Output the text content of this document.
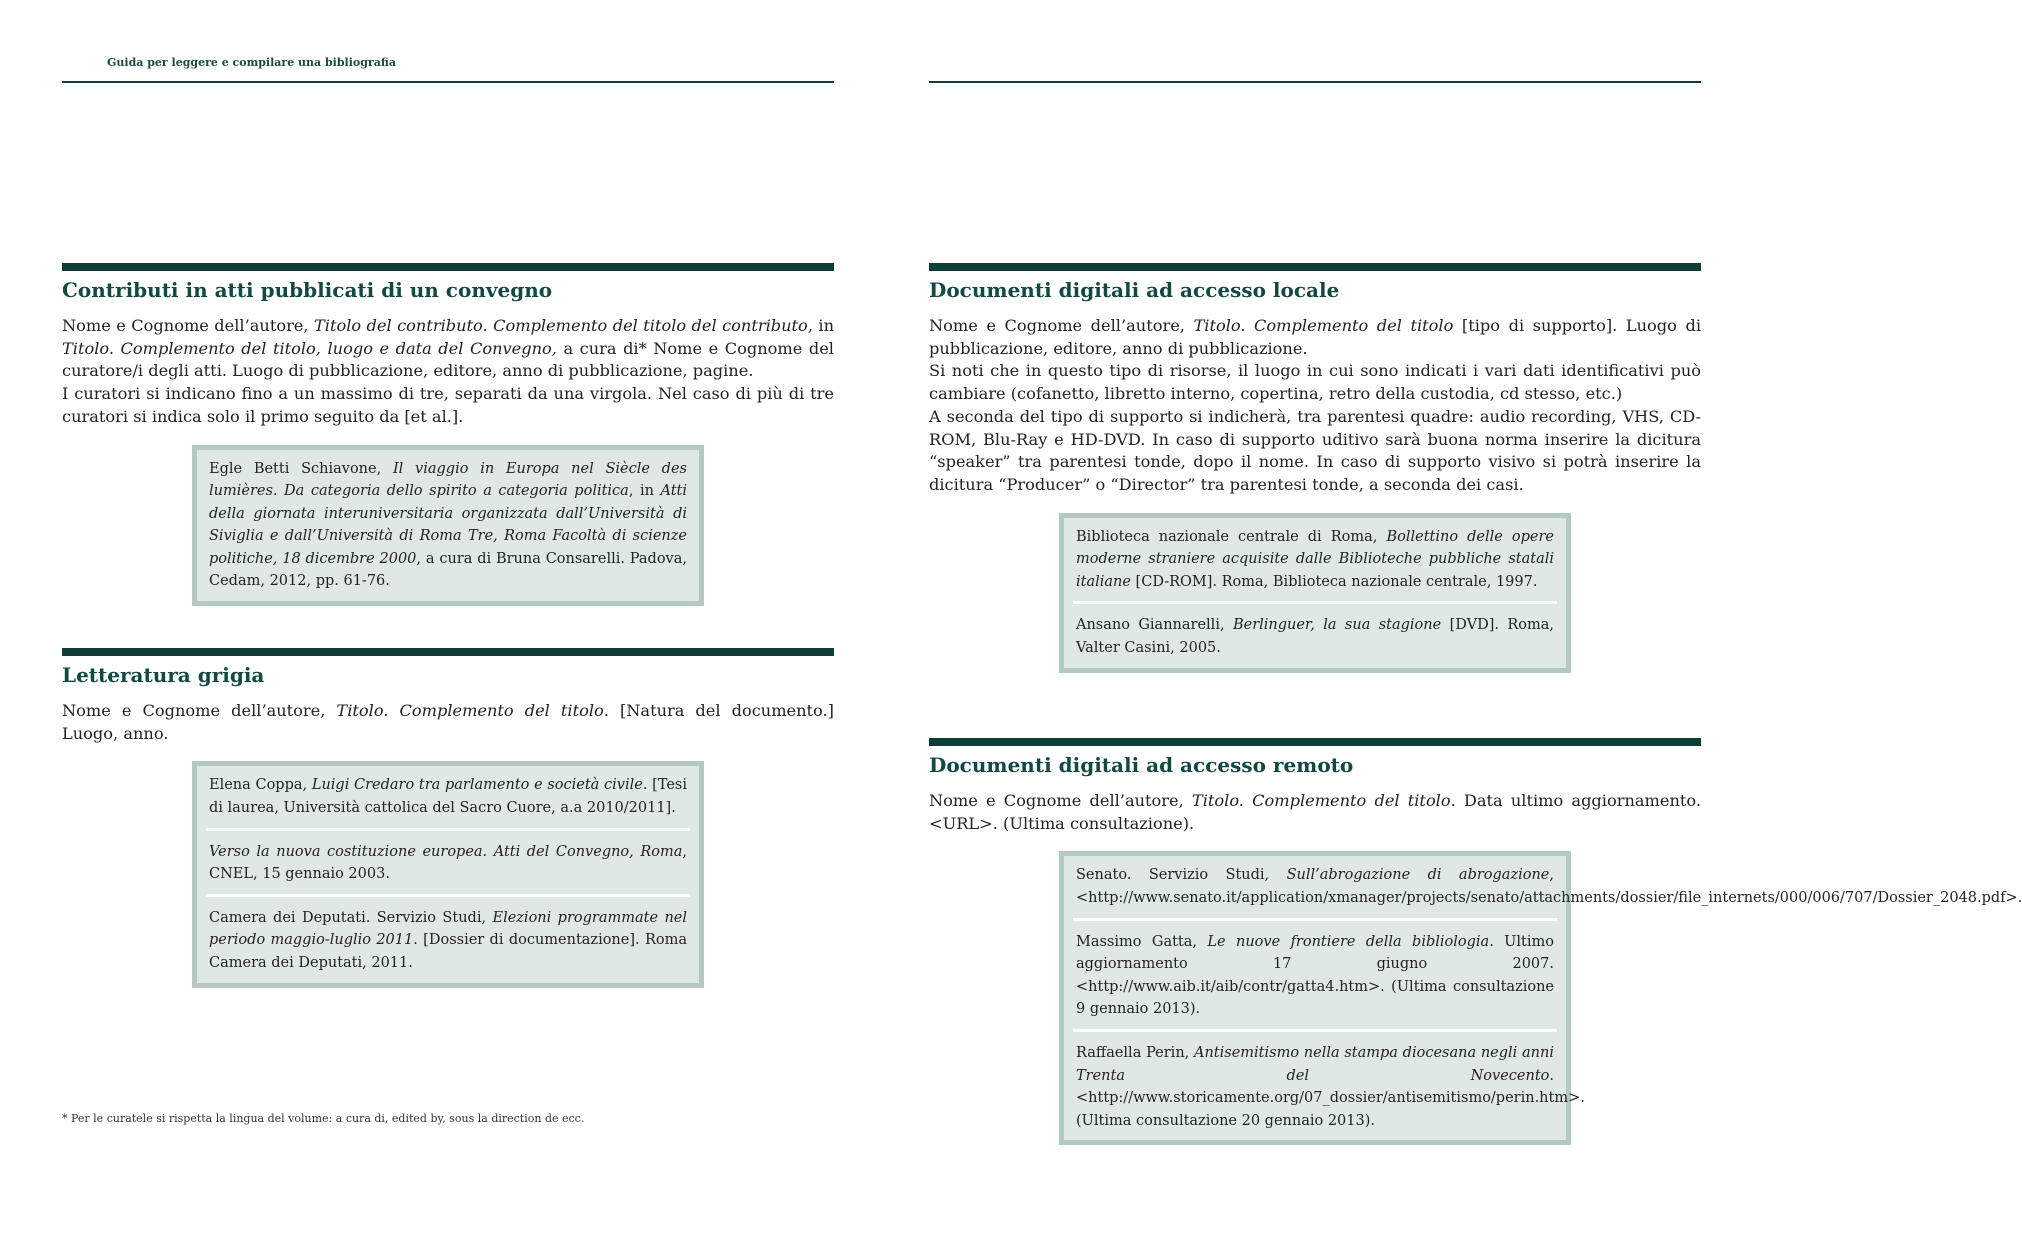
Guida per leggere e compilare una bibliografia
Contributi in atti pubblicati di un convegno

Nome e Cognome dell’autore, Titolo del contributo. Complemento del titolo del contributo, in Titolo. Complemento del titolo, luogo e data del Convegno, a cura di* Nome e Cognome del curatore/i degli atti. Luogo di pubblicazione, editore, anno di pubblicazione, pagine.

I curatori si indicano fino a un massimo di tre, separati da una virgola. Nel caso di più di tre curatori si indica solo il primo seguito da [et al.].

Egle Betti Schiavone, Il viaggio in Europa nel Siècle des lumières. Da categoria dello spirito a categoria politica, in Atti della giornata interuniversitaria organizzata dall’Università di Siviglia e dall’Università di Roma Tre, Roma Facoltà di scienze politiche, 18 dicembre 2000, a cura di Bruna Consarelli. Padova, Cedam, 2012, pp. 61-76.

Letteratura grigia

Nome e Cognome dell’autore, Titolo. Complemento del titolo. [Natura del documento.] Luogo, anno.

Elena Coppa, Luigi Credaro tra parlamento e società civile. [Tesi di laurea, Università cattolica del Sacro Cuore, a.a 2010/2011].

Verso la nuova costituzione europea. Atti del Convegno, Roma, CNEL, 15 gennaio 2003.

Camera dei Deputati. Servizio Studi, Elezioni programmate nel periodo maggio-luglio 2011. [Dossier di documentazione]. Roma Camera dei Deputati, 2011.

* Per le curatele si rispetta la lingua del volume: a cura di, edited by, sous la direction de ecc.
Documenti digitali ad accesso locale

Nome e Cognome dell’autore, Titolo. Complemento del titolo [tipo di supporto]. Luogo di pubblicazione, editore, anno di pubblicazione.

Si noti che in questo tipo di risorse, il luogo in cui sono indicati i vari dati identificativi può cambiare (cofanetto, libretto interno, copertina, retro della custodia, cd stesso, etc.)

A seconda del tipo di supporto si indicherà, tra parentesi quadre: audio recording, VHS, CD-ROM, Blu-Ray e HD-DVD. In caso di supporto uditivo sarà buona norma inserire la dicitura “speaker” tra parentesi tonde, dopo il nome. In caso di supporto visivo si potrà inserire la dicitura “Producer” o “Director” tra parentesi tonde, a seconda dei casi.

Biblioteca nazionale centrale di Roma, Bollettino delle opere moderne straniere acquisite dalle Biblioteche pubbliche statali italiane [CD-ROM]. Roma, Biblioteca nazionale centrale, 1997.

Ansano Giannarelli, Berlinguer, la sua stagione [DVD]. Roma, Valter Casini, 2005.

Documenti digitali ad accesso remoto

Nome e Cognome dell’autore, Titolo. Complemento del titolo. Data ultimo aggiornamento. <URL>. (Ultima consultazione).

Senato. Servizio Studi, Sull’abrogazione di abrogazione, <http://www.senato.it/application/xmanager/projects/senato/attachments/dossier/file_internets/000/006/707/Dossier_2048.pdf>.

Massimo Gatta, Le nuove frontiere della bibliologia. Ultimo aggiornamento 17 giugno 2007. <http://www.aib.it/aib/contr/gatta4.htm>. (Ultima consultazione 9 gennaio 2013).

Raffaella Perin, Antisemitismo nella stampa diocesana negli anni Trenta del Novecento. <http://www.storicamente.org/07_dossier/antisemitismo/perin.htm>. (Ultima consultazione 20 gennaio 2013).
